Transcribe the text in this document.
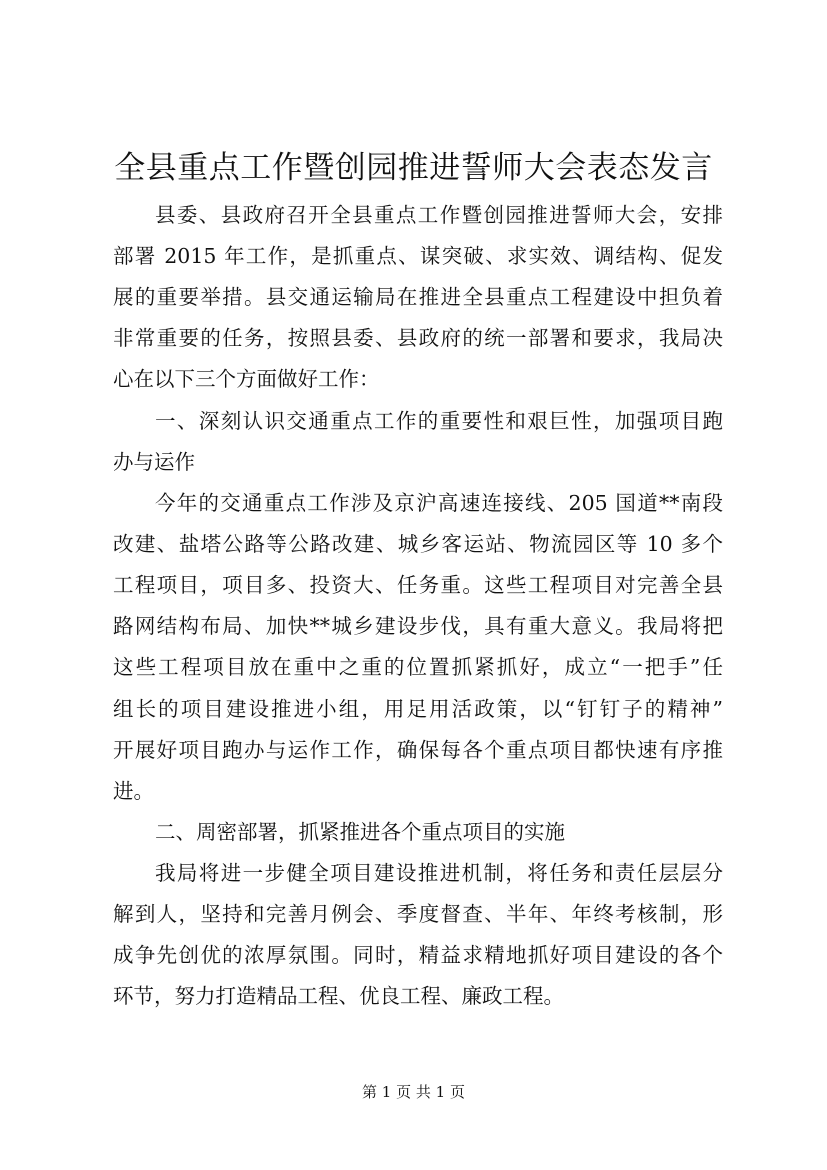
全县重点工作暨创园推进誓师大会表态发言
县委、县政府召开全县重点工作暨创园推进誓师大会，安排
部署 2015 年工作，是抓重点、谋突破、求实效、调结构、促发
展的重要举措。县交通运输局在推进全县重点工程建设中担负着
非常重要的任务，按照县委、县政府的统一部署和要求，我局决
心在以下三个方面做好工作：
一、深刻认识交通重点工作的重要性和艰巨性，加强项目跑
办与运作
今年的交通重点工作涉及京沪高速连接线、205 国道**南段
改建、盐塔公路等公路改建、城乡客运站、物流园区等 10 多个
工程项目，项目多、投资大、任务重。这些工程项目对完善全县
路网结构布局、加快**城乡建设步伐，具有重大意义。我局将把
这些工程项目放在重中之重的位置抓紧抓好，成立“一把手”任
组长的项目建设推进小组，用足用活政策，以“钉钉子的精神”
开展好项目跑办与运作工作，确保每各个重点项目都快速有序推
进。
二、周密部署，抓紧推进各个重点项目的实施
我局将进一步健全项目建设推进机制，将任务和责任层层分
解到人，坚持和完善月例会、季度督查、半年、年终考核制，形
成争先创优的浓厚氛围。同时，精益求精地抓好项目建设的各个
环节，努力打造精品工程、优良工程、廉政工程。
第 1 页 共 1 页
